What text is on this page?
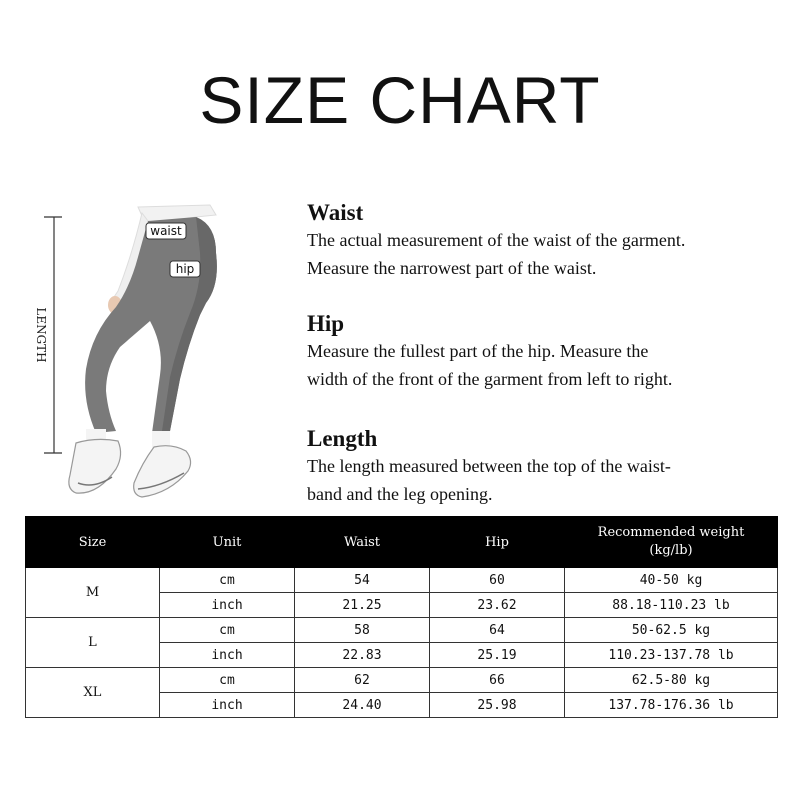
SIZE CHART
LENGTH
waist
hip
Waist

The actual measurement of the waist of the garment.

Measure the narrowest part of the waist.

Hip

Measure the fullest part of the hip. Measure the

width of the front of the garment from left to right.

Length

The length measured between the top of the waist-

band and the leg opening.

Size	Unit	Waist	Hip	Recommended weight
(kg/lb)

M	cm	54	60	40-50 kg
	inch	21.25	23.62	88.18-110.23 lb
L	cm	58	64	50-62.5 kg
	inch	22.83	25.19	110.23-137.78 lb
XL	cm	62	66	62.5-80 kg
	inch	24.40	25.98	137.78-176.36 lb
